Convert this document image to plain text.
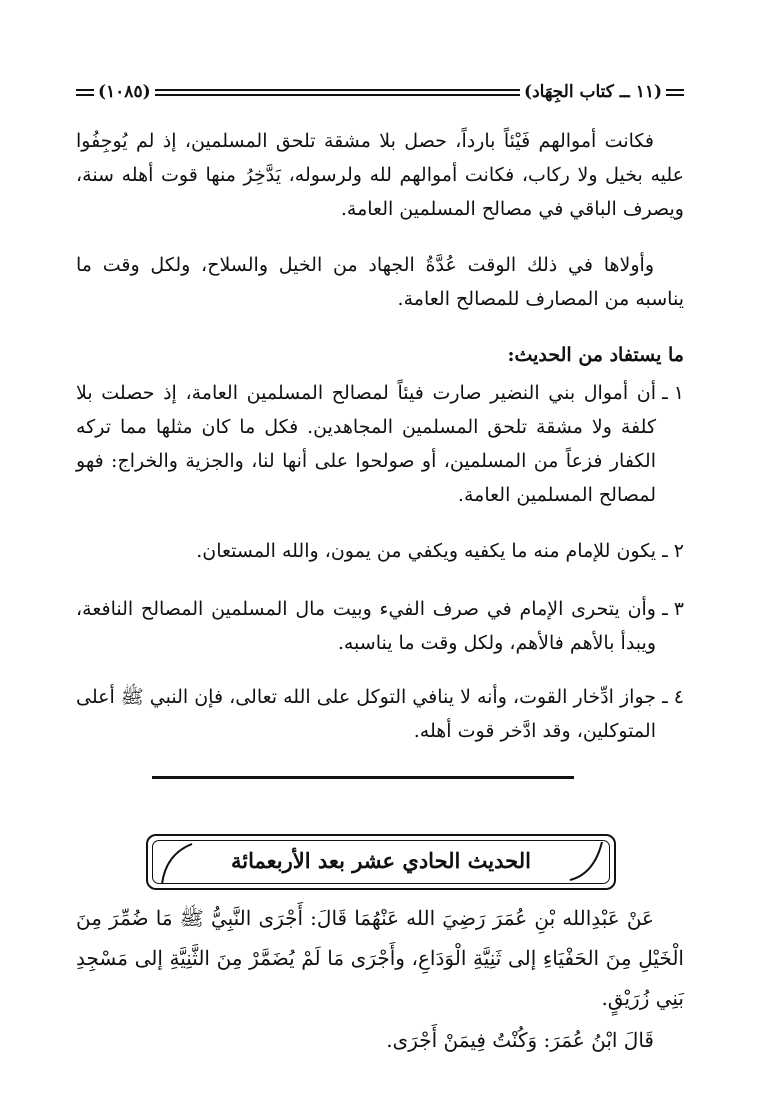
(١١ ــ كتاب الجِهَاد)
(١٠٨٥)

فكانت أموالهم فَيْئاً بارداً، حصل بلا مشقة تلحق المسلمين، إذ لم يُوجِفُوا عليه بخيل ولا ركاب، فكانت أموالهم لله ولرسوله، يَدَّخِرُ منها قوت أهله سنة، ويصرف الباقي في مصالح المسلمين العامة.

وأولاها في ذلك الوقت عُدَّةُ الجهاد من الخيل والسلاح، ولكل وقت ما يناسبه من المصارف للمصالح العامة.

ما يستفاد من الحديث:

١ ـ
أن أموال بني النضير صارت فيئاً لمصالح المسلمين العامة، إذ حصلت بلا كلفة ولا مشقة تلحق المسلمين المجاهدين. فكل ما كان مثلها مما تركه الكفار فزعاً من المسلمين، أو صولحوا على أنها لنا، والجزية والخراج: فهو لمصالح المسلمين العامة.
٢ ـ
يكون للإمام منه ما يكفيه ويكفي من يمون، والله المستعان.
٣ ـ
وأن يتحرى الإمام في صرف الفيء وبيت مال المسلمين المصالح النافعة، ويبدأ بالأهم فالأهم، ولكل وقت ما يناسبه.
٤ ـ
جواز ادِّخار القوت، وأنه لا ينافي التوكل على الله تعالى، فإن النبي ﷺ أعلى المتوكلين، وقد ادَّخر قوت أهله.
الحديث الحادي عشر بعد الأربعمائة

عَنْ عَبْدِالله بْنِ عُمَرَ رَضِيَ الله عَنْهُمَا قَالَ: أَجْرَى النَّبِيُّ ﷺ مَا ضُمِّرَ مِنَ الْخَيْلِ مِنَ الحَفْيَاءِ إلى ثَنِيَّةِ الْوَدَاعِ، وأَجْرَى مَا لَمْ يُضَمَّرْ مِنَ الثَّنِيَّةِ إلى مَسْجِدِ بَنِي زُرَيْقٍ.

قَالَ ابْنُ عُمَرَ: وَكُنْتُ فِيمَنْ أَجْرَى.
